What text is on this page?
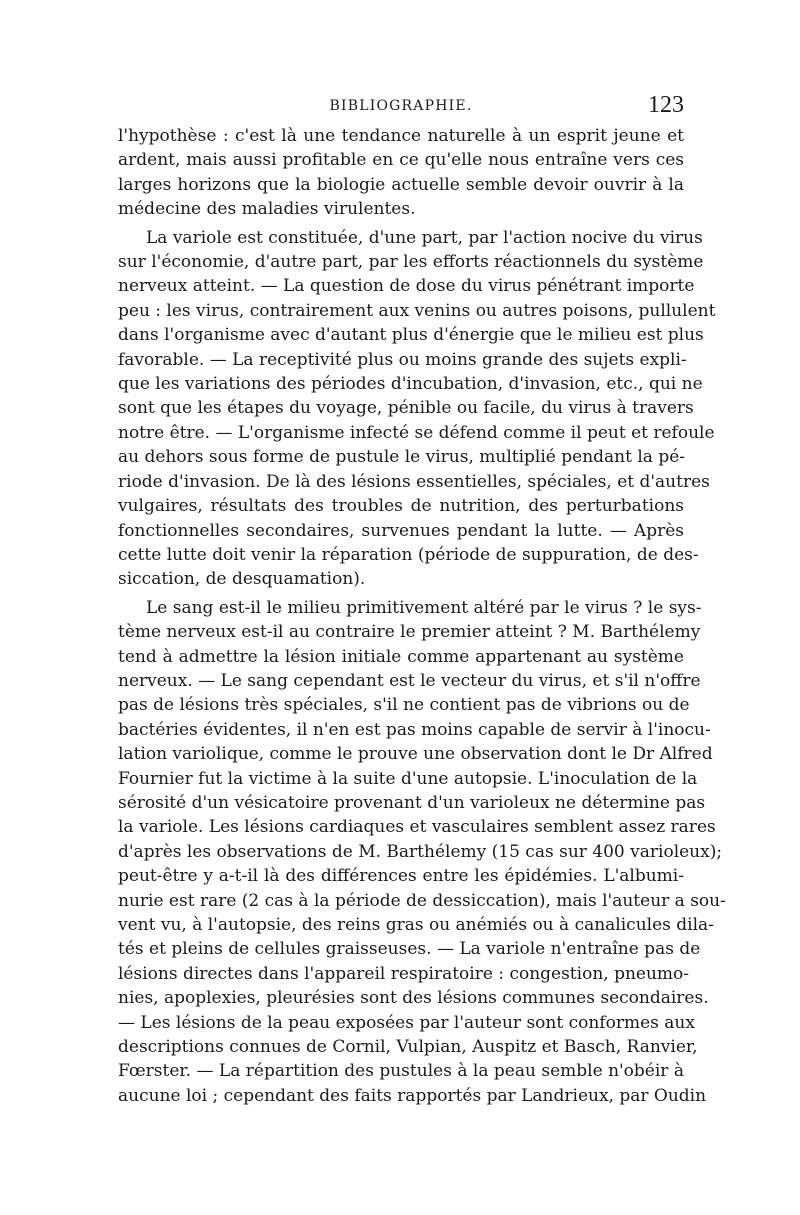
BIBLIOGRAPHIE.	123
l'hypothèse : c'est là une tendance naturelle à un esprit jeune et
ardent, mais aussi profitable en ce qu'elle nous entraîne vers ces
larges horizons que la biologie actuelle semble devoir ouvrir à la
médecine des maladies virulentes.
La variole est constituée, d'une part, par l'action nocive du virus
sur l'économie, d'autre part, par les efforts réactionnels du système
nerveux atteint. — La question de dose du virus pénétrant importe
peu : les virus, contrairement aux venins ou autres poisons, pullulent
dans l'organisme avec d'autant plus d'énergie que le milieu est plus
favorable. — La receptivité plus ou moins grande des sujets expli-
que les variations des périodes d'incubation, d'invasion, etc., qui ne
sont que les étapes du voyage, pénible ou facile, du virus à travers
notre être. — L'organisme infecté se défend comme il peut et refoule
au dehors sous forme de pustule le virus, multiplié pendant la pé-
riode d'invasion. De là des lésions essentielles, spéciales, et d'autres
vulgaires, résultats des troubles de nutrition, des perturbations
fonctionnelles secondaires, survenues pendant la lutte. — Après
cette lutte doit venir la réparation (période de suppuration, de des-
siccation, de desquamation).
Le sang est-il le milieu primitivement altéré par le virus ? le sys-
tème nerveux est-il au contraire le premier atteint ? M. Barthélemy
tend à admettre la lésion initiale comme appartenant au système
nerveux. — Le sang cependant est le vecteur du virus, et s'il n'offre
pas de lésions très spéciales, s'il ne contient pas de vibrions ou de
bactéries évidentes, il n'en est pas moins capable de servir à l'inocu-
lation variolique, comme le prouve une observation dont le Dr Alfred
Fournier fut la victime à la suite d'une autopsie. L'inoculation de la
sérosité d'un vésicatoire provenant d'un varioleux ne détermine pas
la variole. Les lésions cardiaques et vasculaires semblent assez rares
d'après les observations de M. Barthélemy (15 cas sur 400 varioleux);
peut-être y a-t-il là des différences entre les épidémies. L'albumi-
nurie est rare (2 cas à la période de dessiccation), mais l'auteur a sou-
vent vu, à l'autopsie, des reins gras ou anémiés ou à canalicules dila-
tés et pleins de cellules graisseuses. — La variole n'entraîne pas de
lésions directes dans l'appareil respiratoire : congestion, pneumo-
nies, apoplexies, pleurésies sont des lésions communes secondaires.
— Les lésions de la peau exposées par l'auteur sont conformes aux
descriptions connues de Cornil, Vulpian, Auspitz et Basch, Ranvier,
Fœrster. — La répartition des pustules à la peau semble n'obéir à
aucune loi ; cependant des faits rapportés par Landrieux, par Oudin
